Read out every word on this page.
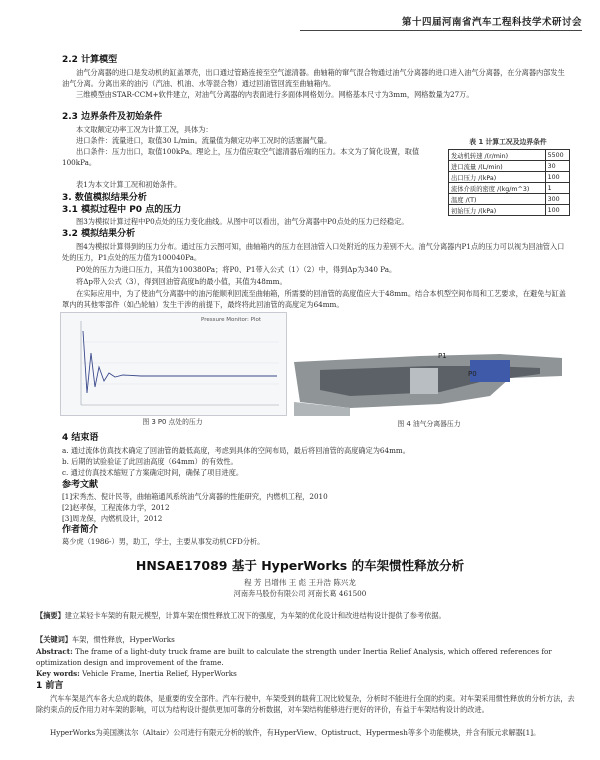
第十四届河南省汽车工程科技学术研讨会
2.2 计算模型
油气分离器的进口是发动机的缸盖罩壳，出口通过管路连接至空气滤清器。曲轴箱的窜气混合物通过油气分离器的进口进入油气分离器，在分离器内部发生油气分离。分离出来的油污（汽油、机油、水等混合物）通过回油管回流至曲轴箱内。
三维模型由STAR-CCM+软件建立，对油气分离器的内表面进行多面体网格划分。网格基本尺寸为3mm，网格数量为27万。
2.3 边界条件及初始条件
本文取额定功率工况为计算工况，具体为：
进口条件：流量进口，取值30 L/min。流量值为额定功率工况时的活塞漏气量。
出口条件：压力出口，取值100kPa。理论上，压力值应取空气滤清器后端的压力。本文为了简化设置，取值100kPa。
表1为本文计算工况和初始条件。
表 1 计算工况及边界条件
发动机转速 /(r/min)	5500
进口流量 /(L/min)	30
出口压力 /(kPa)	100
流体介质的密度 /(kg/m^3)	1
温度 /(T)	300
初始压力 /(kPa)	100
3. 数值模拟结果分析
3.1 模拟过程中 P0 点的压力
图3为模拟计算过程中P0点处的压力变化曲线。从图中可以看出，油气分离器中P0点处的压力已经稳定。
3.2 模拟结果分析
图4为模拟计算得到的压力分布。通过压力云图可知，曲轴箱内的压力在回油管入口处附近的压力差别不大。油气分离器内P1点的压力可以视为回油管入口处的压力，P1点处的压力值为100040Pa。
P0处的压力为进口压力，其值为100380Pa；将P0、P1带入公式（1）（2）中，得到Δp为340 Pa。
将Δp带入公式（3），得到回油管高度h的最小值，其值为48mm。
在实际应用中，为了使油气分离器中的油污能顺利回流至曲轴箱，所需要的回油管的高度值应大于48mm。结合本机型空间布局和工艺要求，在避免与缸盖罩内的其他零部件（如凸轮轴）发生干涉的前提下，最终将此回油管的高度定为64mm。
Pressure Monitor: Plot
图 3 P0 点处的压力
P1
P0
图 4 油气分离器压力
4 结束语
a. 通过流体仿真技术确定了回油管的最低高度，考虑到具体的空间布局，最后将回油管的高度确定为64mm。
b. 后期的试验验证了此回油高度（64mm）的有效性。
c. 通过仿真技术缩短了方案确定时间，确保了项目进度。
参考文献
[1]宋秀杰、倪计民等，曲轴箱通风系统油气分离器的性能研究，内燃机工程，2010
[2]赵孝保，工程流体力学，2012
[3]周龙保，内燃机设计，2012
作者简介
葛少虎（1986-）男，助工，学士，主要从事发动机CFD分析。
HNSAE17089 基于 HyperWorks 的车架惯性释放分析
程 芳 吕增伟 王 彪 王升浩 陈兴龙
河南奔马股份有限公司 河南长葛 461500
【摘要】建立某轻卡车架的有限元模型，计算车架在惯性释放工况下的强度，为车架的优化设计和改进结构设计提供了参考依据。
【关键词】车架，惯性释放，HyperWorks
Abstract: The frame of a light-duty truck frame are built to calculate the strength under Inertia Relief Analysis, which offered references for optimization design and improvement of the frame.
Key words: Vehicle Frame, Inertia Relief, HyperWorks
1 前言
汽车车架是汽车各大总成的载体，是重要的安全部件。汽车行驶中，车架受到的载荷工况比较复杂，分析时不能进行全面的约束。对车架采用惯性释放的分析方法，去除约束点的反作用力对车架的影响，可以为结构设计提供更加可靠的分析数据，对车架结构能够进行更好的评价，有益于车架结构设计的改进。
HyperWorks为美国澳汰尔（Altair）公司进行有限元分析的软件，有HyperView、Optistruct、Hypermesh等多个功能模块，并含有版元求解器[1]。
